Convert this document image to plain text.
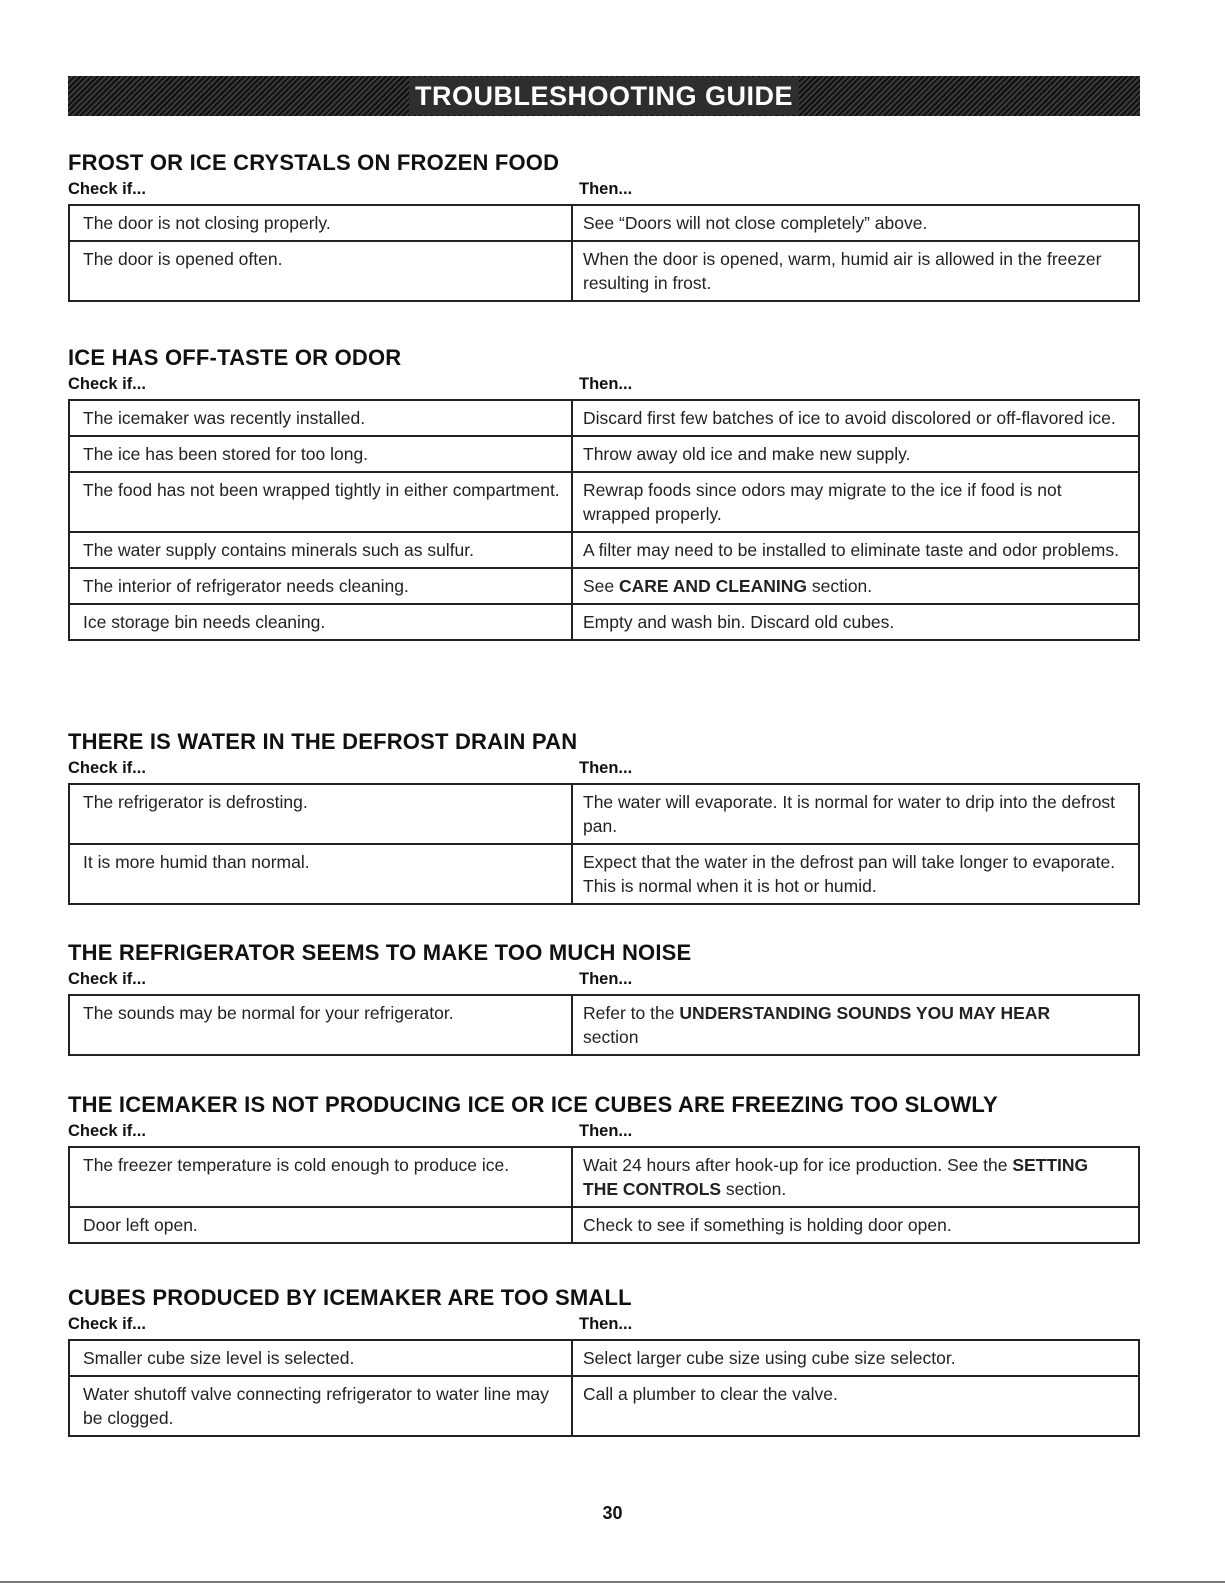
TROUBLESHOOTING GUIDE
FROST OR ICE CRYSTALS ON FROZEN FOOD
Check if...	Then...
The door is not closing properly.	See “Doors will not close completely” above.
The door is opened often.	When the door is opened, warm, humid air is allowed in the freezer resulting in frost.
ICE HAS OFF-TASTE OR ODOR
Check if...	Then...
The icemaker was recently installed.	Discard first few batches of ice to avoid discolored or off-flavored ice.
The ice has been stored for too long.	Throw away old ice and make new supply.
The food has not been wrapped tightly in either compartment.	Rewrap foods since odors may migrate to the ice if food is not wrapped properly.
The water supply contains minerals such as sulfur.	A filter may need to be installed to eliminate taste and odor problems.
The interior of refrigerator needs cleaning.	See CARE AND CLEANING section.
Ice storage bin needs cleaning.	Empty and wash bin. Discard old cubes.
THERE IS WATER IN THE DEFROST DRAIN PAN
Check if...	Then...
The refrigerator is defrosting.	The water will evaporate. It is normal for water to drip into the defrost pan.
It is more humid than normal.	Expect that the water in the defrost pan will take longer to evaporate. This is normal when it is hot or humid.
THE REFRIGERATOR SEEMS TO MAKE TOO MUCH NOISE
Check if...	Then...
The sounds may be normal for your refrigerator.	Refer to the UNDERSTANDING SOUNDS YOU MAY HEAR
section
THE ICEMAKER IS NOT PRODUCING ICE OR ICE CUBES ARE FREEZING TOO SLOWLY
Check if...	Then...
The freezer temperature is cold enough to produce ice.	Wait 24 hours after hook-up for ice production. See the SETTING THE CONTROLS section.
Door left open.	Check to see if something is holding door open.
CUBES PRODUCED BY ICEMAKER ARE TOO SMALL
Check if...	Then...
Smaller cube size level is selected.	Select larger cube size using cube size selector.
Water shutoff valve connecting refrigerator to water line may be clogged.	Call a plumber to clear the valve.
30
